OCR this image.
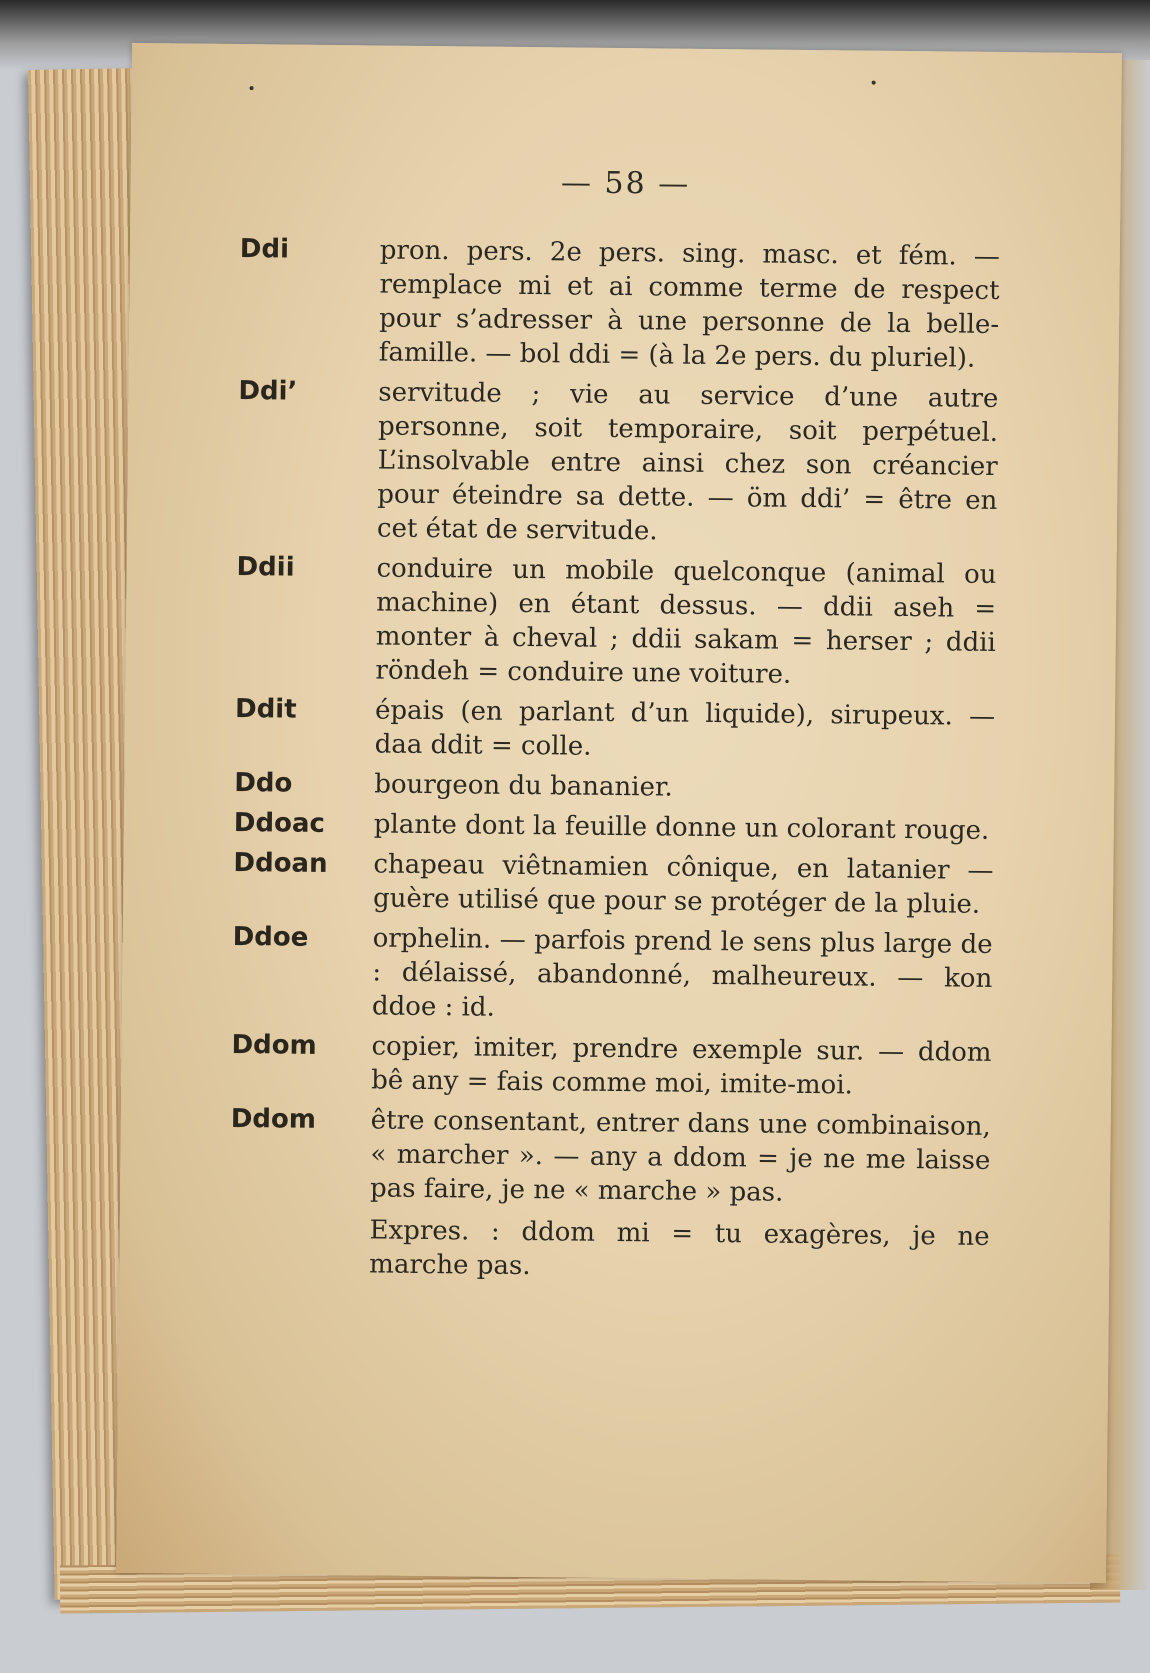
— 58 —
Ddi	pron. pers. 2e pers. sing. masc. et fém. — remplace mi et ai comme terme de respect pour s’adresser à une personne de la belle-famille. — bol ddi = (à la 2e pers. du pluriel).
Ddi’	servitude ; vie au service d’une autre personne, soit temporaire, soit perpétuel. L’insolvable entre ainsi chez son créancier pour éteindre sa dette. — öm ddi’ = être en cet état de servitude.
Ddii	conduire un mobile quelconque (animal ou machine) en étant dessus. — ddii aseh = monter à cheval ; ddii sakam = herser ; ddii röndeh = conduire une voiture.
Ddit	épais (en parlant d’un liquide), sirupeux. — daa ddit = colle.
Ddo	bourgeon du bananier.
Ddoac	plante dont la feuille donne un colorant rouge.
Ddoan	chapeau viêtnamien cônique, en latanier — guère utilisé que pour se protéger de la pluie.
Ddoe	orphelin. — parfois prend le sens plus large de : délaissé, abandonné, malheureux. — kon ddoe : id.
Ddom	copier, imiter, prendre exemple sur. — ddom bê any = fais comme moi, imite-moi.
Ddom	être consentant, entrer dans une combinaison, « marcher ». — any a ddom = je ne me laisse pas faire, je ne « marche » pas.
Expres. : ddom mi = tu exagères, je ne marche pas.
